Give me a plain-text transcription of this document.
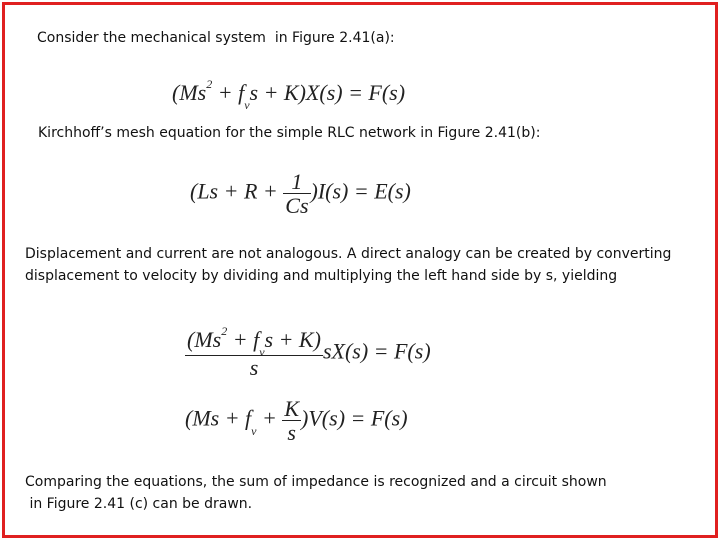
Consider the mechanical system  in Figure 2.41(a):
$(Ms^2 + f_vs + K)X(s) = F(s)$
Kirchhoff’s mesh equation for the simple RLC network in Figure 2.41(b):
$(Ls + R + \frac{1}{Cs} )I(s) = E(s)$
Displacement and current are not analogous. A direct analogy can be created by converting
displacement to velocity by dividing and multiplying the left hand side by s, yielding
$\frac{(Ms^2 + f_vs + K)}{s} sX(s) = F(s)$
$(Ms + f_v + \frac{K}{s} )V(s) = F(s)$
Comparing the equations, the sum of impedance is recognized and a circuit shown
in Figure 2.41 (c) can be drawn.
